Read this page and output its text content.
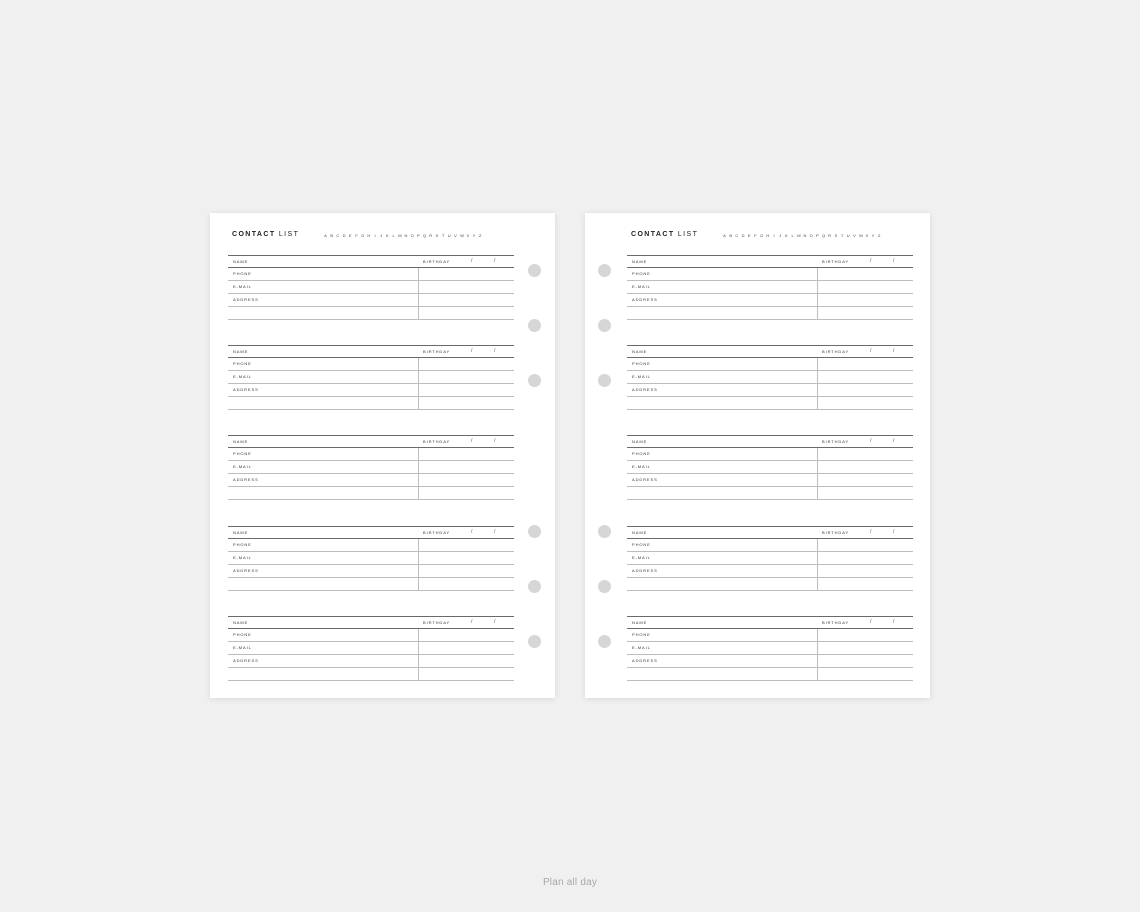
CONTACT LIST	A B C D E F G H I J K L M N O P Q R S T U V W X Y Z
NAME	BIRTHDAY	/	/
PHONE
E-MAIL
ADDRESS
NAME	BIRTHDAY	/	/
PHONE
E-MAIL
ADDRESS
NAME	BIRTHDAY	/	/
PHONE
E-MAIL
ADDRESS
NAME	BIRTHDAY	/	/
PHONE
E-MAIL
ADDRESS
NAME	BIRTHDAY	/	/
PHONE
E-MAIL
ADDRESS
CONTACT LIST	A B C D E F G H I J K L M N O P Q R S T U V W X Y Z
NAME	BIRTHDAY	/	/
PHONE
E-MAIL
ADDRESS
NAME	BIRTHDAY	/	/
PHONE
E-MAIL
ADDRESS
NAME	BIRTHDAY	/	/
PHONE
E-MAIL
ADDRESS
NAME	BIRTHDAY	/	/
PHONE
E-MAIL
ADDRESS
NAME	BIRTHDAY	/	/
PHONE
E-MAIL
ADDRESS
Plan all day
